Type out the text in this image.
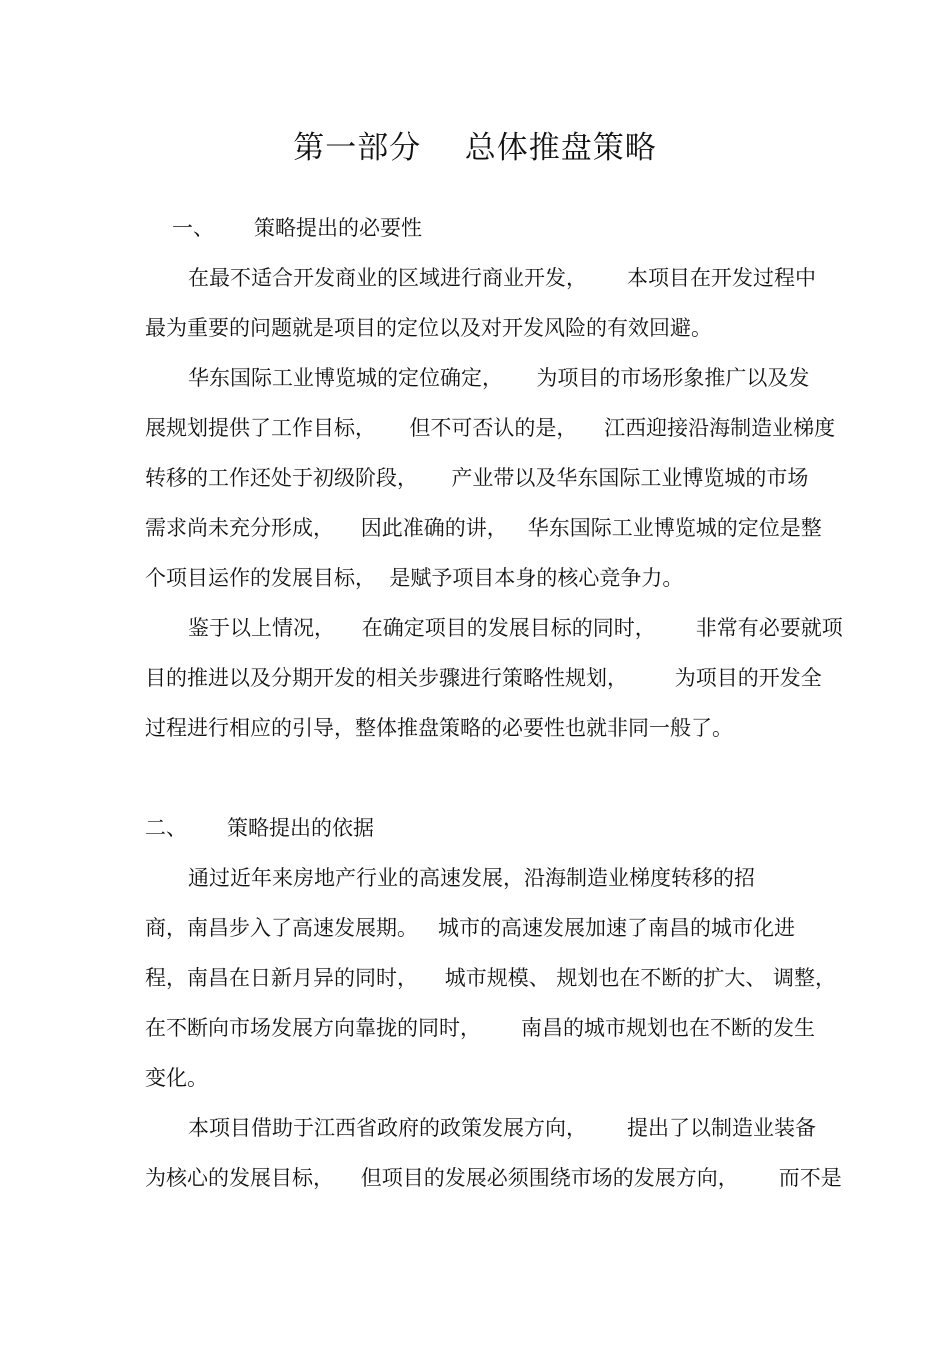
第一部分    总体推盘策略
一、      策略提出的必要性
在最不适合开发商业的区域进行商业开发，      本项目在开发过程中
最为重要的问题就是项目的定位以及对开发风险的有效回避。
华东国际工业博览城的定位确定，     为项目的市场形象推广以及发
展规划提供了工作目标，     但不可否认的是，    江西迎接沿海制造业梯度
转移的工作还处于初级阶段，     产业带以及华东国际工业博览城的市场
需求尚未充分形成，    因此准确的讲，   华东国际工业博览城的定位是整
个项目运作的发展目标，  是赋予项目本身的核心竞争力。
鉴于以上情况，    在确定项目的发展目标的同时，      非常有必要就项
目的推进以及分期开发的相关步骤进行策略性规划，       为项目的开发全
过程进行相应的引导，整体推盘策略的必要性也就非同一般了。
二、      策略提出的依据
通过近年来房地产行业的高速发展，沿海制造业梯度转移的招
商，南昌步入了高速发展期。   城市的高速发展加速了南昌的城市化进
程，南昌在日新月异的同时，    城市规模、 规划也在不断的扩大、 调整，
在不断向市场发展方向靠拢的同时，      南昌的城市规划也在不断的发生
变化。
本项目借助于江西省政府的政策发展方向，      提出了以制造业装备
为核心的发展目标，    但项目的发展必须围绕市场的发展方向，      而不是
